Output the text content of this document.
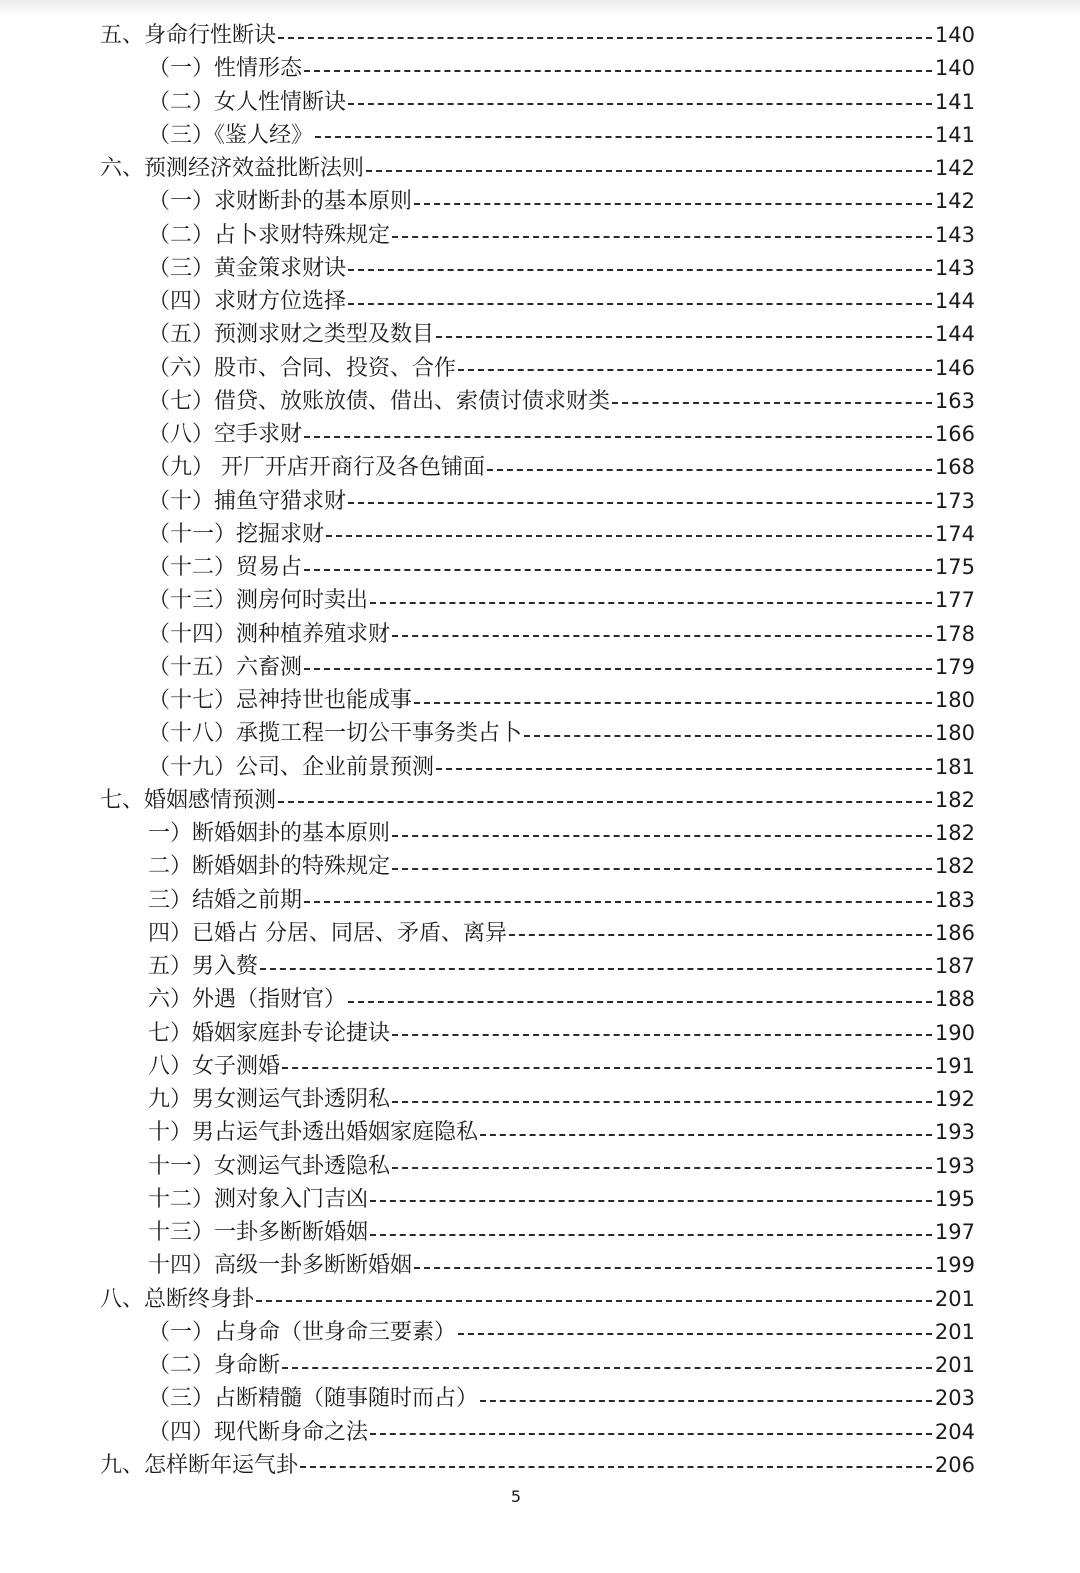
五、身命行性断诀	140
（一）性情形态	140
（二）女人性情断诀	141
（三）《鉴人经》	141
六、预测经济效益批断法则	142
（一）求财断卦的基本原则	142
（二）占卜求财特殊规定	143
（三）黄金策求财诀	143
（四）求财方位选择	144
（五）预测求财之类型及数目	144
（六）股市、合同、投资、合作	146
（七）借贷、放账放债、借出、索债讨债求财类	163
（八）空手求财	166
（九） 开厂开店开商行及各色铺面	168
（十）捕鱼守猎求财	173
（十一）挖掘求财	174
（十二）贸易占	175
（十三）测房何时卖出	177
（十四）测种植养殖求财	178
（十五）六畜测	179
（十七）忌神持世也能成事	180
（十八）承揽工程一切公干事务类占卜	180
（十九）公司、企业前景预测	181
七、婚姻感情预测	182
一）断婚姻卦的基本原则	182
二）断婚姻卦的特殊规定	182
三）结婚之前期	183
四）已婚占 分居、同居、矛盾、离异	186
五）男入赘	187
六）外遇（指财官）	188
七）婚姻家庭卦专论捷诀	190
八）女子测婚	191
九）男女测运气卦透阴私	192
十）男占运气卦透出婚姻家庭隐私	193
十一）女测运气卦透隐私	193
十二）测对象入门吉凶	195
十三）一卦多断断婚姻	197
十四）高级一卦多断断婚姻	199
八、总断终身卦	201
（一）占身命（世身命三要素）	201
（二）身命断	201
（三）占断精髓（随事随时而占）	203
（四）现代断身命之法	204
九、怎样断年运气卦	206
5
